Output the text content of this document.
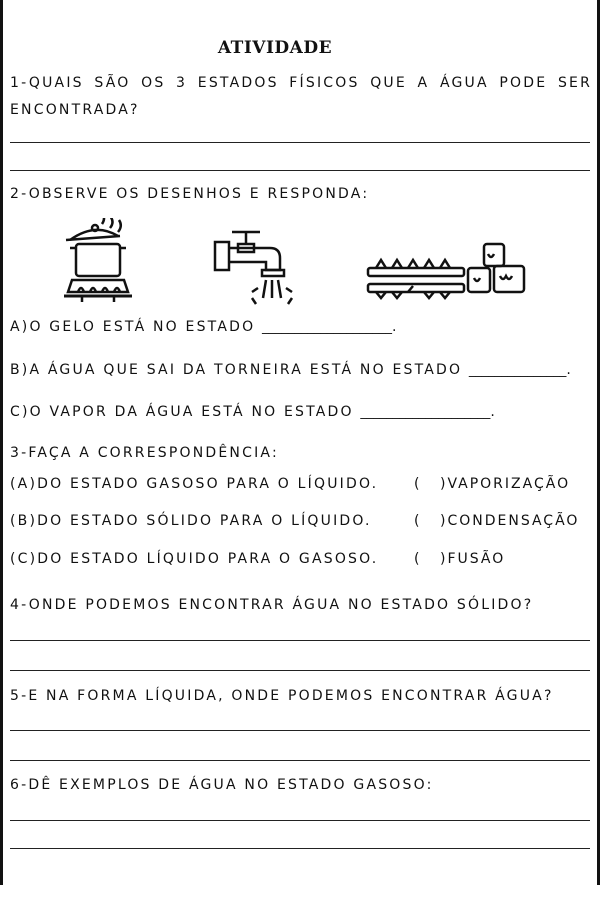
ATIVIDADE
1-QUAIS SÃO OS 3 ESTADOS FÍSICOS QUE A ÁGUA PODE SER ENCONTRADA?
2-OBSERVE OS DESENHOS E RESPONDA:
A)O GELO ESTÁ NO ESTADO ____________________.
B)A ÁGUA QUE SAI DA TORNEIRA ESTÁ NO ESTADO _______________.
C)O VAPOR DA ÁGUA ESTÁ NO ESTADO ____________________.
3-FAÇA A CORRESPONDÊNCIA:
(A)DO ESTADO GASOSO PARA O LÍQUIDO.	( )VAPORIZAÇÃO
(B)DO ESTADO SÓLIDO PARA O LÍQUIDO.	( )CONDENSAÇÃO
(C)DO ESTADO LÍQUIDO PARA O GASOSO.	( )FUSÃO
4-ONDE PODEMOS ENCONTRAR ÁGUA NO ESTADO SÓLIDO?
5-E NA FORMA LÍQUIDA, ONDE PODEMOS ENCONTRAR ÁGUA?
6-DÊ EXEMPLOS DE ÁGUA NO ESTADO GASOSO:
